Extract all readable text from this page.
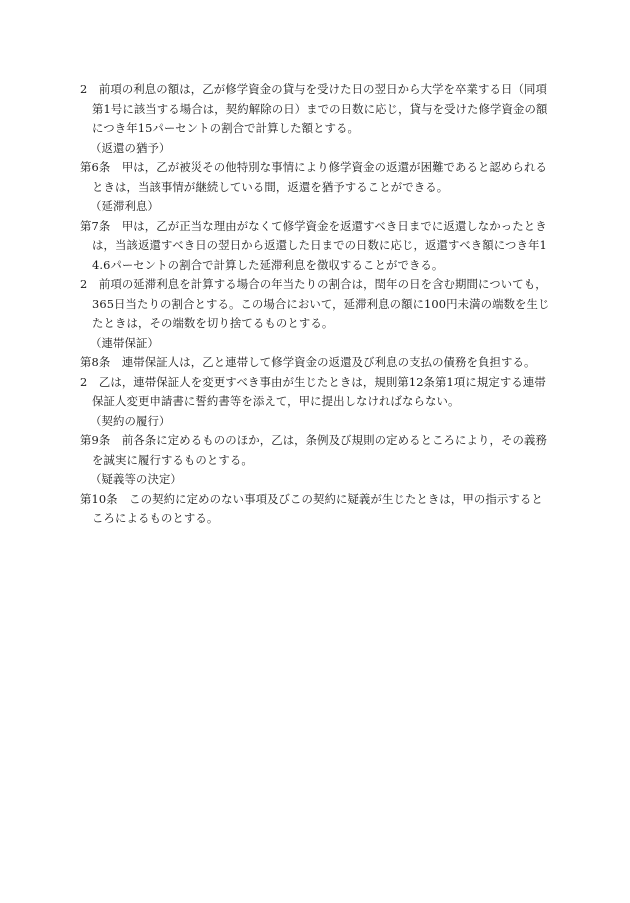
2　前項の利息の額は，乙が修学資金の貸与を受けた日の翌日から大学を卒業する日（同項
第1号に該当する場合は，契約解除の日）までの日数に応じ，貸与を受けた修学資金の額
につき年15パーセントの割合で計算した額とする。
（返還の猶予）
第6条　甲は，乙が被災その他特別な事情により修学資金の返還が困難であると認められる
ときは，当該事情が継続している間，返還を猶予することができる。
（延滞利息）
第7条　甲は，乙が正当な理由がなくて修学資金を返還すべき日までに返還しなかったとき
は，当該返還すべき日の翌日から返還した日までの日数に応じ，返還すべき額につき年1
4.6パーセントの割合で計算した延滞利息を徴収することができる。
2　前項の延滞利息を計算する場合の年当たりの割合は，閏年の日を含む期間についても，
365日当たりの割合とする。この場合において，延滞利息の額に100円未満の端数を生じ
たときは，その端数を切り捨てるものとする。
（連帯保証）
第8条　連帯保証人は，乙と連帯して修学資金の返還及び利息の支払の債務を負担する。
2　乙は，連帯保証人を変更すべき事由が生じたときは，規則第12条第1項に規定する連帯
保証人変更申請書に誓約書等を添えて，甲に提出しなければならない。
（契約の履行）
第9条　前各条に定めるもののほか，乙は，条例及び規則の定めるところにより，その義務
を誠実に履行するものとする。
（疑義等の決定）
第10条　この契約に定めのない事項及びこの契約に疑義が生じたときは，甲の指示すると
ころによるものとする。
